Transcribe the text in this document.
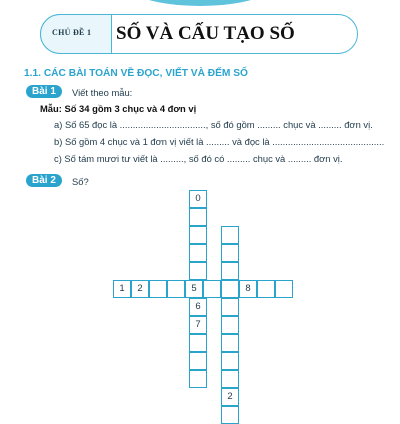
CHỦ ĐỀ 1 SỐ VÀ CẤU TẠO SỐ
1.1. CÁC BÀI TOÁN VỀ ĐỌC, VIẾT VÀ ĐẾM SỐ
Bài 1	Viết theo mẫu:
Mẫu: Số 34 gồm 3 chục và 4 đơn vị
a) Số 65 đọc là ................................., số đó gồm ......... chục và ......... đơn vị.
b) Số gồm 4 chục và 1 đơn vị viết là ......... và đọc là ...........................................
c) Số tám mươi tư viết là ........., số đó có ......... chục và ......... đơn vị.
Bài 2	Số?
0
6
7
1	2	5	8
2
